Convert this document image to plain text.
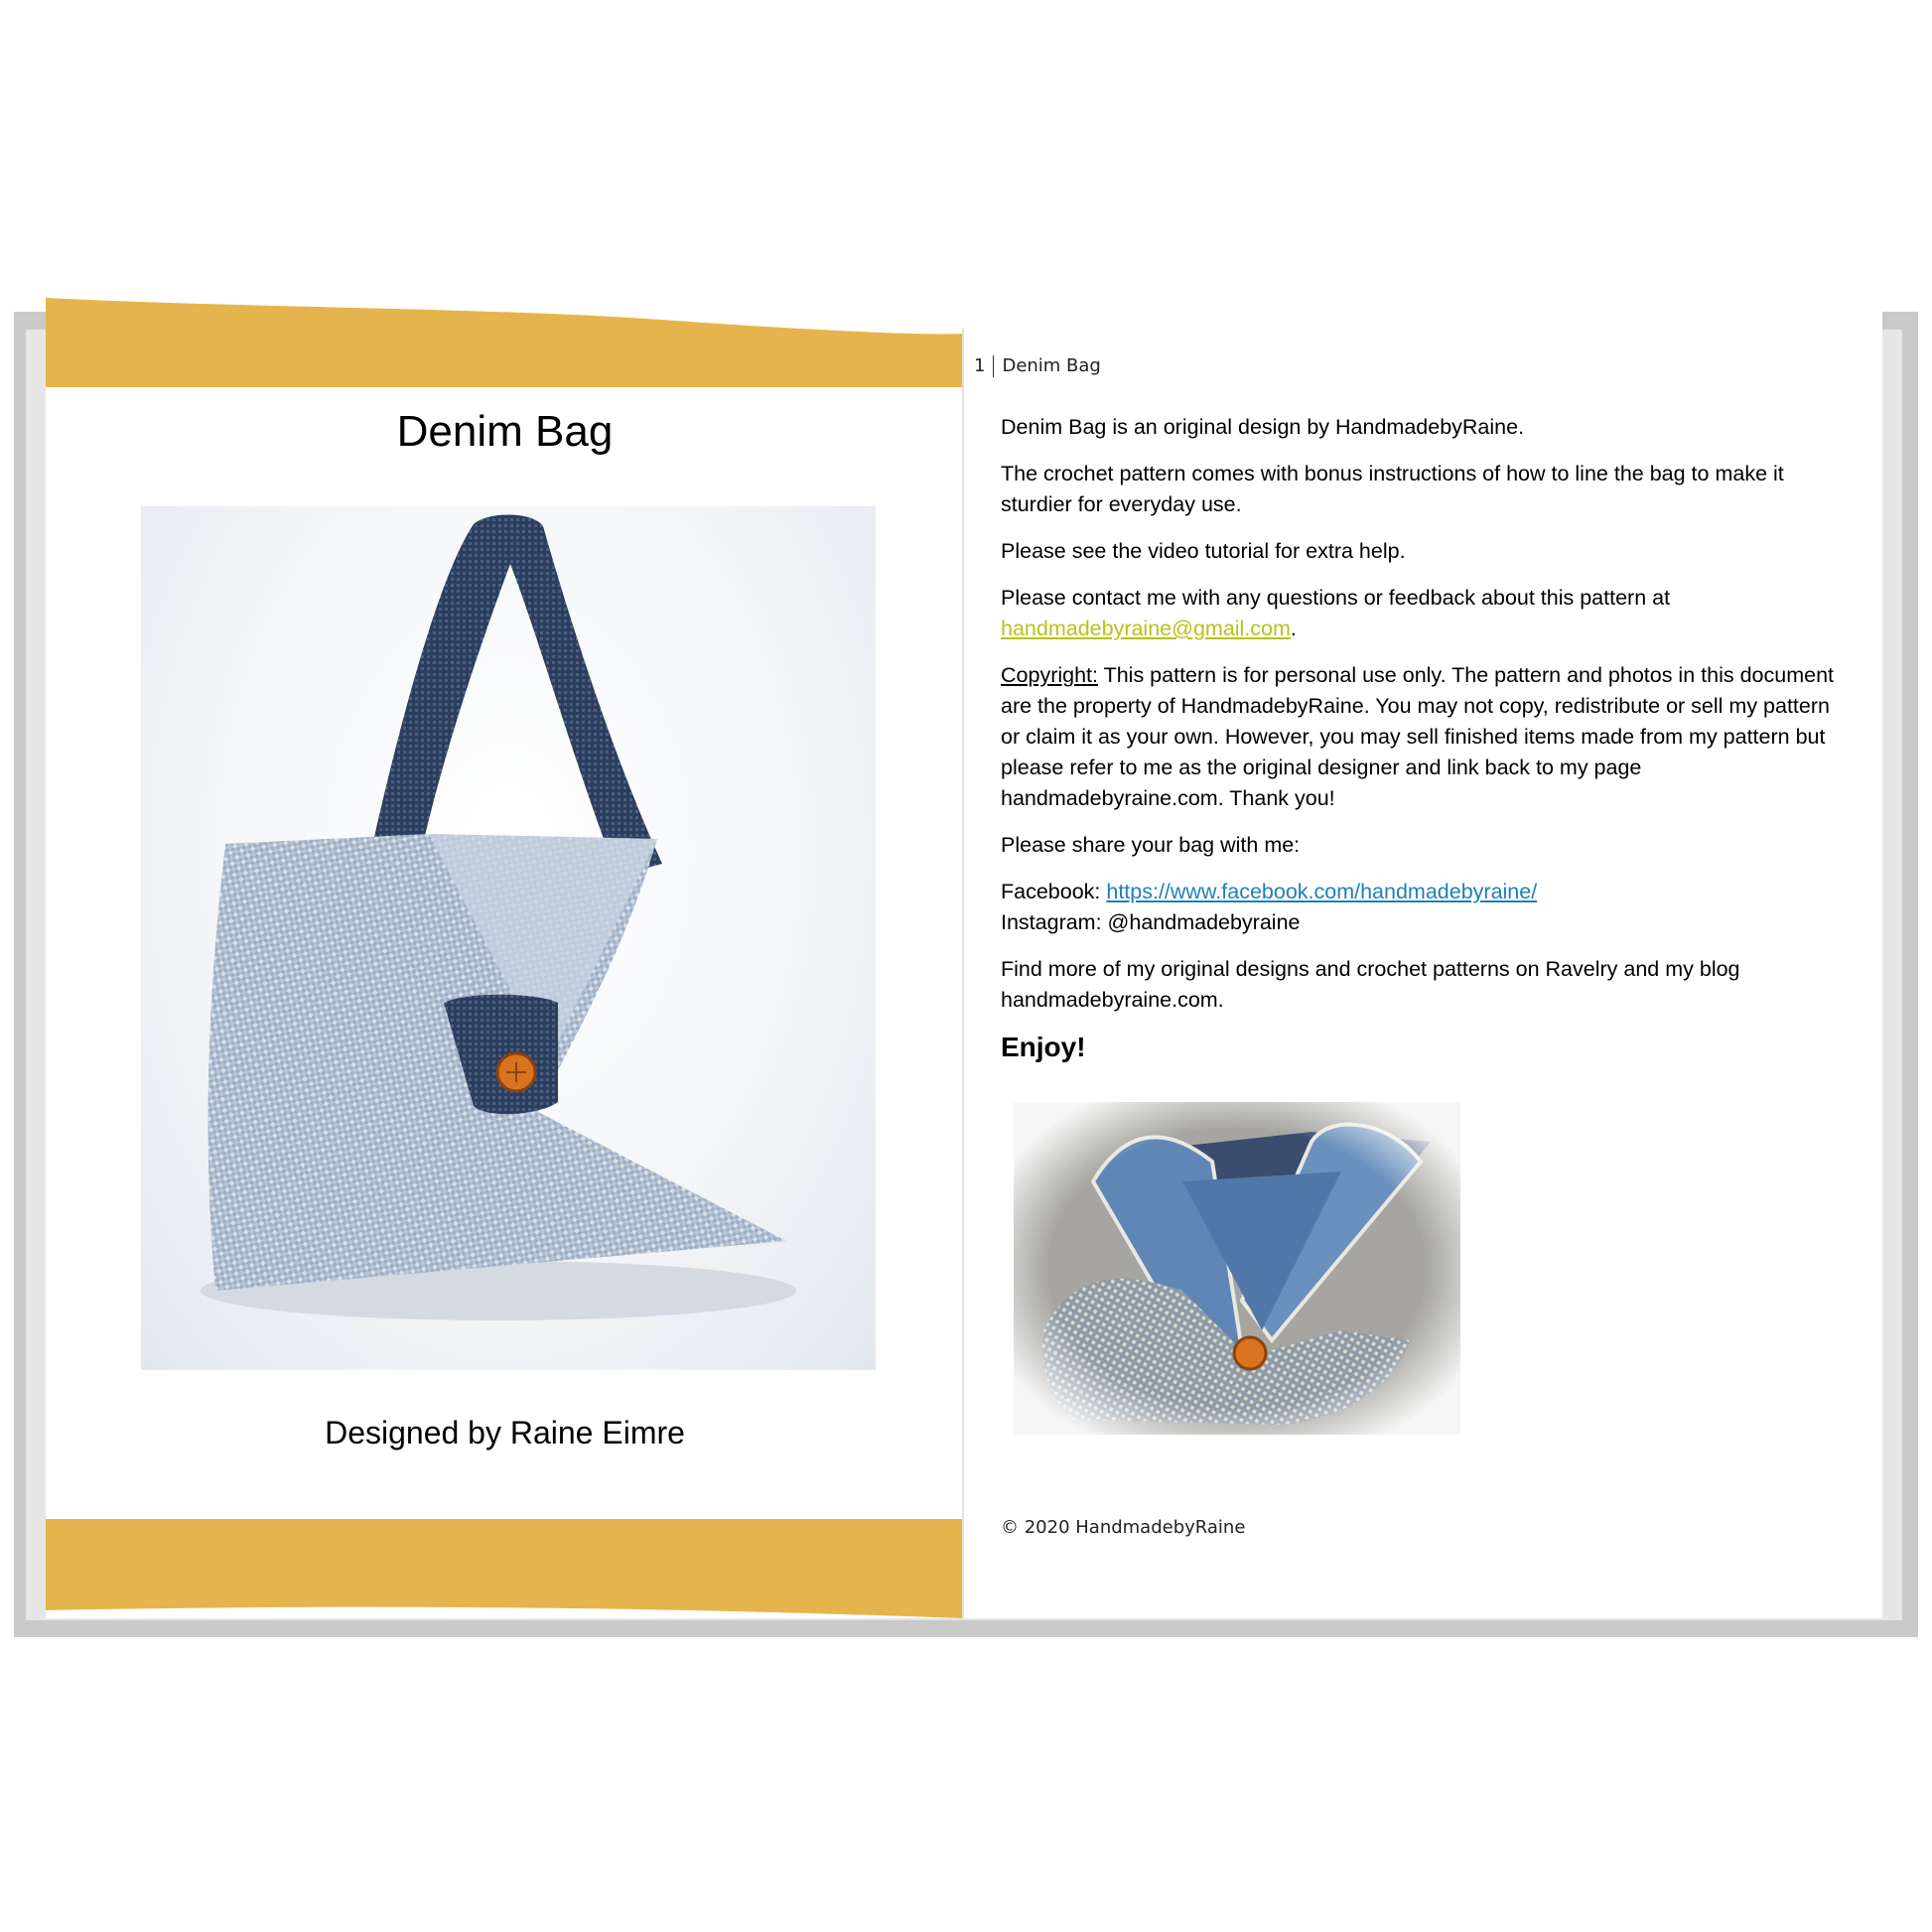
Denim Bag
Designed by Raine Eimre
1 Denim Bag

Denim Bag is an original design by HandmadebyRaine.

The crochet pattern comes with bonus instructions of how to line the bag to make it sturdier for everyday use.

Please see the video tutorial for extra help.

Please contact me with any questions or feedback about this pattern at handmadebyraine@gmail.com.

Copyright: This pattern is for personal use only. The pattern and photos in this document are the property of HandmadebyRaine. You may not copy, redistribute or sell my pattern or claim it as your own. However, you may sell finished items made from my pattern but please refer to me as the original designer and link back to my page handmadebyraine.com. Thank you!

Please share your bag with me:

Facebook: https://www.facebook.com/handmadebyraine/
Instagram: @handmadebyraine

Find more of my original designs and crochet patterns on Ravelry and my blog handmadebyraine.com.

Enjoy!
© 2020 HandmadebyRaine
